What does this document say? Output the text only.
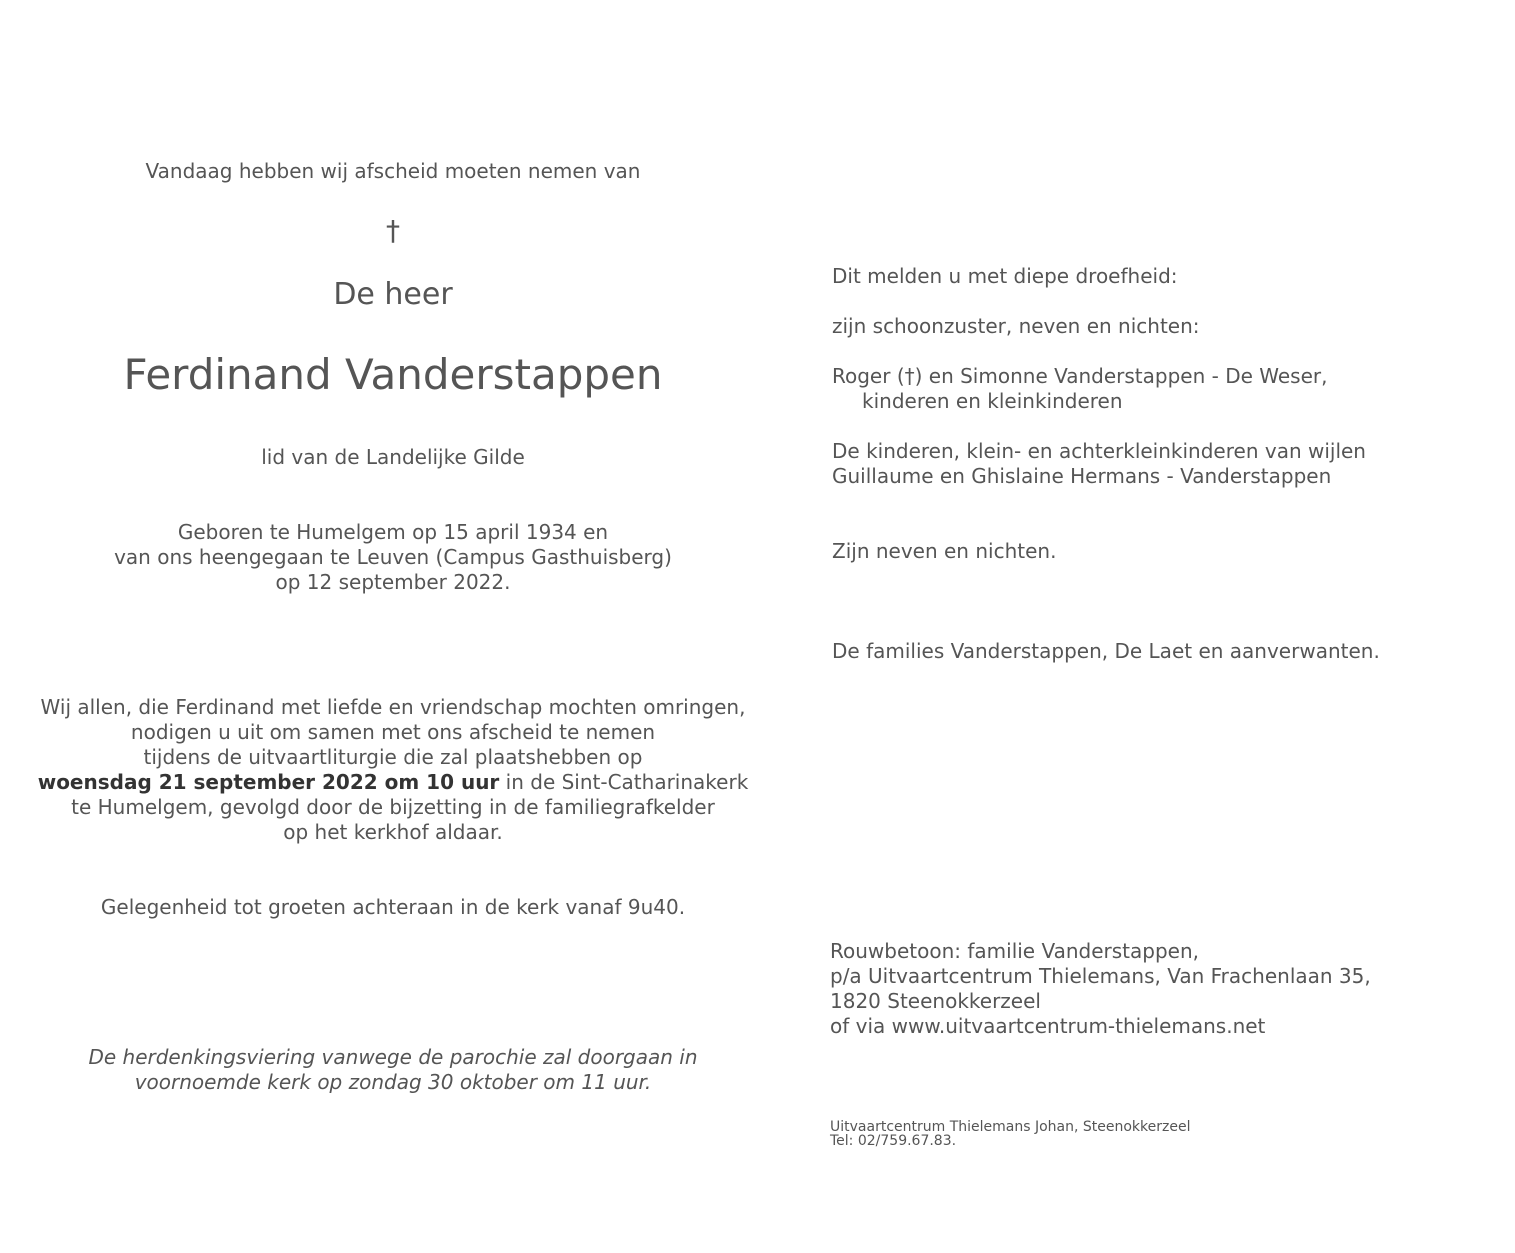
Vandaag hebben wij afscheid moeten nemen van
†
De heer
Ferdinand Vanderstappen
lid van de Landelijke Gilde
Geboren te Humelgem op 15 april 1934 en
van ons heengegaan te Leuven (Campus Gasthuisberg)
op 12 september 2022.
Wij allen, die Ferdinand met liefde en vriendschap mochten omringen,
nodigen u uit om samen met ons afscheid te nemen
tijdens de uitvaartliturgie die zal plaatshebben op
woensdag 21 september 2022 om 10 uur in de Sint-Catharinakerk
te Humelgem, gevolgd door de bijzetting in de familiegrafkelder
op het kerkhof aldaar.
Gelegenheid tot groeten achteraan in de kerk vanaf 9u40.
De herdenkingsviering vanwege de parochie zal doorgaan in
voornoemde kerk op zondag 30 oktober om 11 uur.
Dit melden u met diepe droefheid:
zijn schoonzuster, neven en nichten:
Roger (†) en Simonne Vanderstappen - De Weser,
kinderen en kleinkinderen
De kinderen, klein- en achterkleinkinderen van wijlen
Guillaume en Ghislaine Hermans - Vanderstappen
Zijn neven en nichten.
De families Vanderstappen, De Laet en aanverwanten.
Rouwbetoon: familie Vanderstappen,
p/a Uitvaartcentrum Thielemans, Van Frachenlaan 35,
1820 Steenokkerzeel
of via www.uitvaartcentrum-thielemans.net
Uitvaartcentrum Thielemans Johan, Steenokkerzeel
Tel: 02/759.67.83.
